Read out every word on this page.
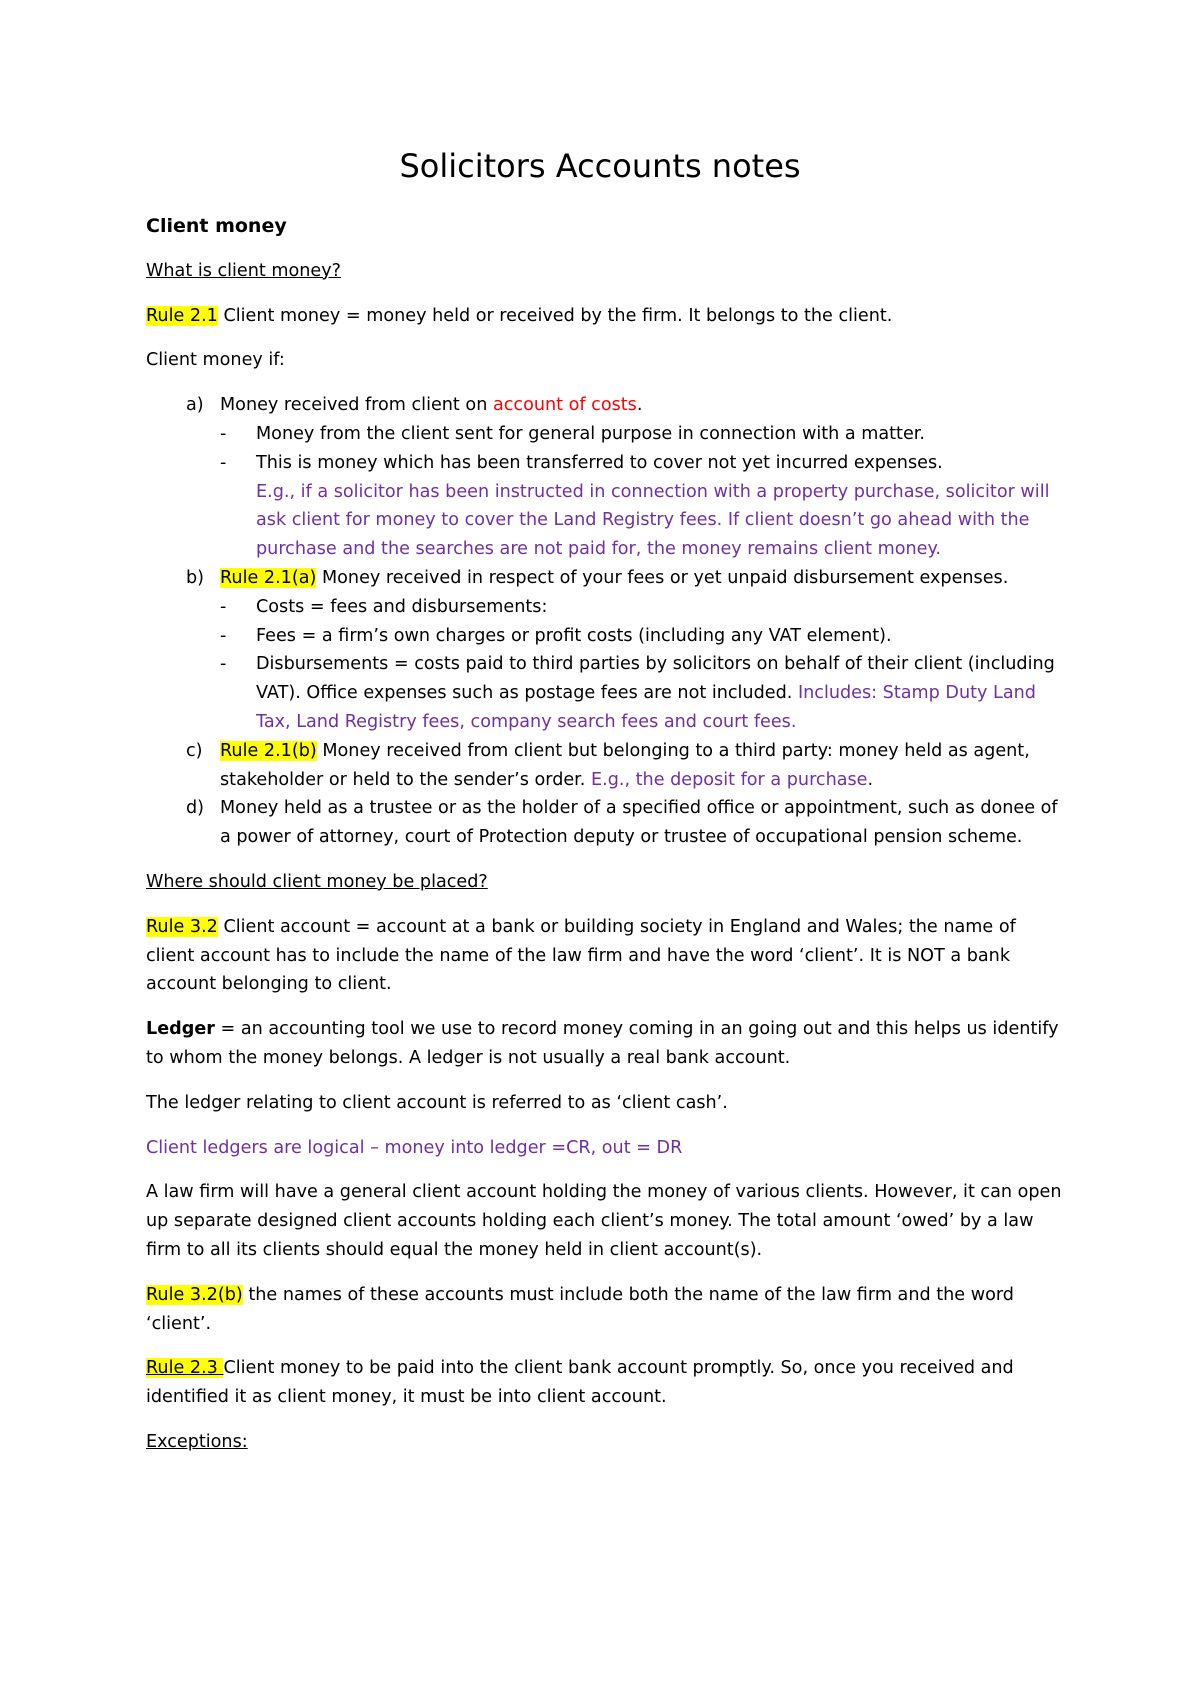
Solicitors Accounts notes

Client money

What is client money?

Rule 2.1 Client money = money held or received by the firm. It belongs to the client.

Client money if:

a) Money received from client on account of costs.
- Money from the client sent for general purpose in connection with a matter.
- This is money which has been transferred to cover not yet incurred expenses.
E.g., if a solicitor has been instructed in connection with a property purchase, solicitor will ask client for money to cover the Land Registry fees. If client doesn’t go ahead with the purchase and the searches are not paid for, the money remains client money.
b) Rule 2.1(a) Money received in respect of your fees or yet unpaid disbursement expenses.
- Costs = fees and disbursements:
- Fees = a firm’s own charges or profit costs (including any VAT element).
- Disbursements = costs paid to third parties by solicitors on behalf of their client (including VAT). Office expenses such as postage fees are not included. Includes: Stamp Duty Land Tax, Land Registry fees, company search fees and court fees.
c) Rule 2.1(b) Money received from client but belonging to a third party: money held as agent, stakeholder or held to the sender’s order. E.g., the deposit for a purchase.
d) Money held as a trustee or as the holder of a specified office or appointment, such as donee of a power of attorney, court of Protection deputy or trustee of occupational pension scheme.

Where should client money be placed?

Rule 3.2 Client account = account at a bank or building society in England and Wales; the name of client account has to include the name of the law firm and have the word ‘client’. It is NOT a bank account belonging to client.

Ledger = an accounting tool we use to record money coming in an going out and this helps us identify to whom the money belongs. A ledger is not usually a real bank account.

The ledger relating to client account is referred to as ‘client cash’.

Client ledgers are logical – money into ledger =CR, out = DR

A law firm will have a general client account holding the money of various clients. However, it can open up separate designed client accounts holding each client’s money. The total amount ‘owed’ by a law firm to all its clients should equal the money held in client account(s).

Rule 3.2(b) the names of these accounts must include both the name of the law firm and the word ‘client’.

Rule 2.3 Client money to be paid into the client bank account promptly. So, once you received and identified it as client money, it must be into client account.

Exceptions:
